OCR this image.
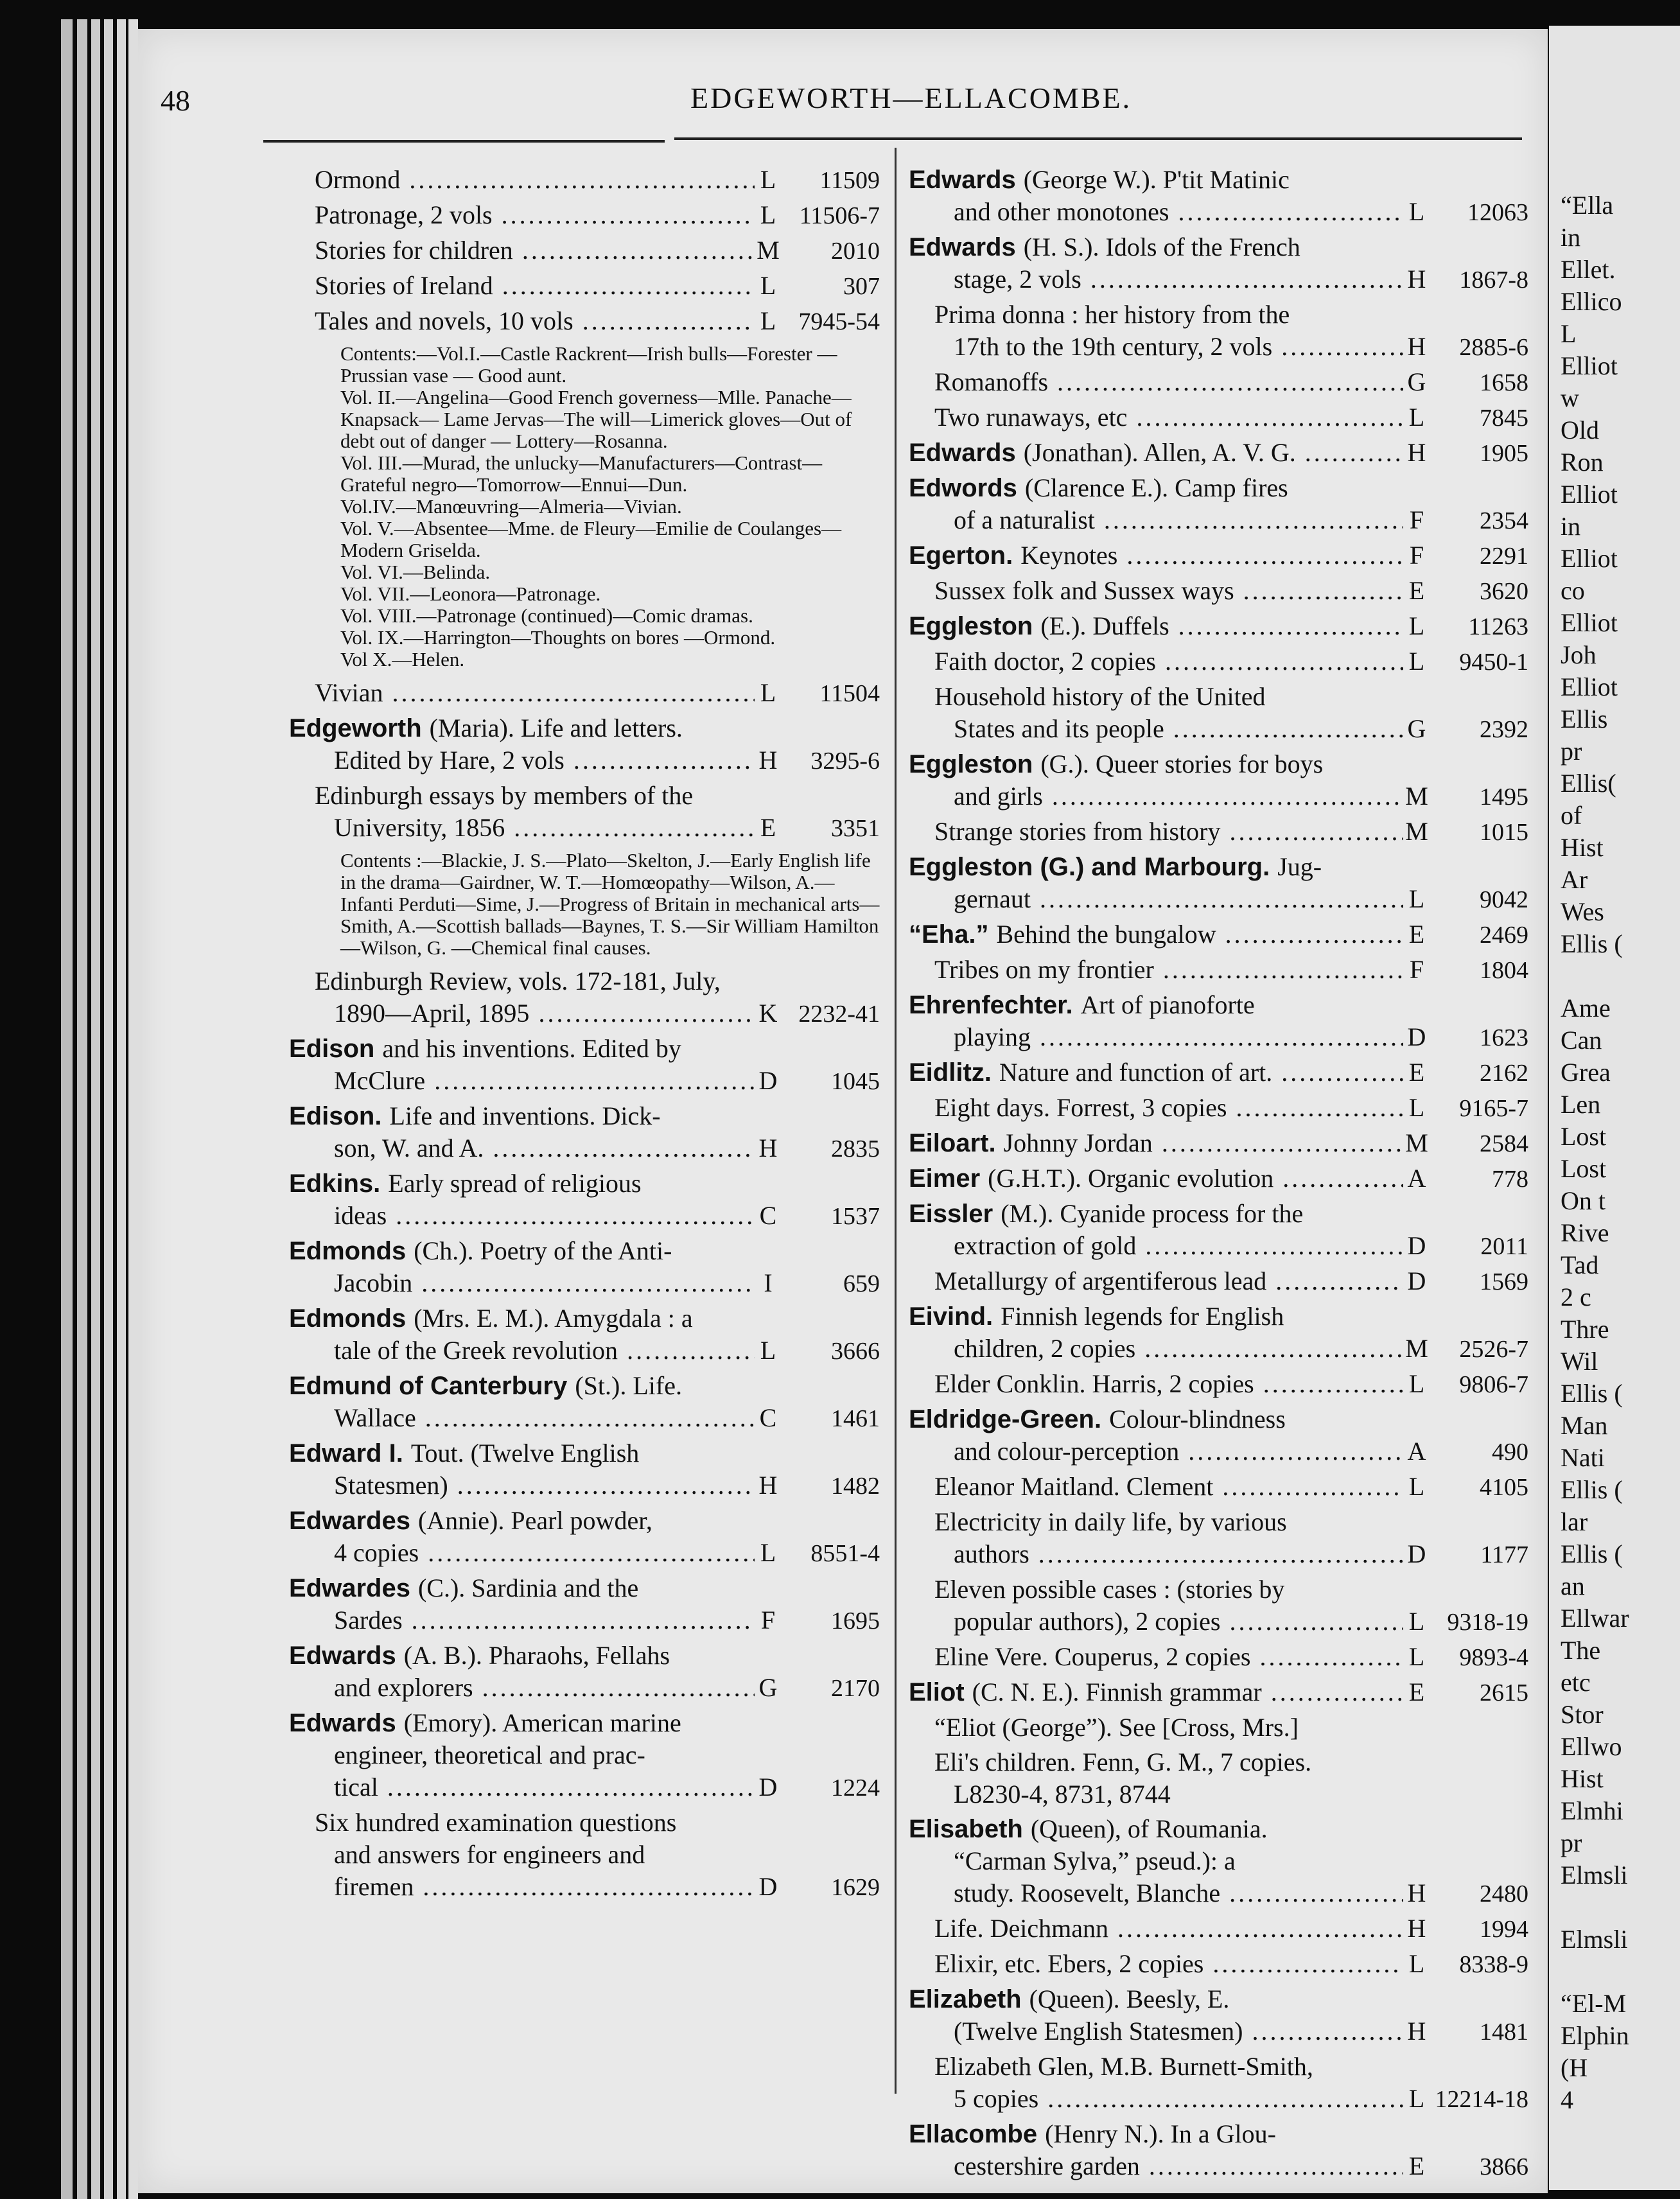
48	EDGEWORTH—ELLACOMBE.
Ormond .....	L	11509
Patronage, 2 vols .....	L 11506-7
Stories for children .....	M	2010
Stories of Ireland .....	L	307
Tales and novels, 10 vols .....	L 7945-54
Contents:—Vol.I.—Castle Rackrent—Irish bulls—Forester — Prussian vase — Good aunt.
Vol. II.—Angelina—Good French governess—Mlle. Panache—Knapsack— Lame Jervas—The will—Limerick gloves—Out of debt out of danger — Lottery—Rosanna.
Vol. III.—Murad, the unlucky—Manufacturers—Contrast—Grateful negro—Tomorrow—Ennui—Dun.
Vol.IV.—Manœuvring—Almeria—Vivian.
Vol. V.—Absentee—Mme. de Fleury—Emilie de Coulanges—Modern Griselda.
Vol. VI.—Belinda.
Vol. VII.—Leonora—Patronage.
Vol. VIII.—Patronage (continued)—Comic dramas.
Vol. IX.—Harrington—Thoughts on bores —Ormond.
Vol X.—Helen.
Vivian .....	L	11504
Edgeworth (Maria). Life and letters.
Edited by Hare, 2 vols .....	H	3295-6
Edinburgh essays by members of the
University, 1856 .....	E	3351
Contents :—Blackie, J. S.—Plato—Skelton, J.—Early English life in the drama—Gairdner, W. T.—Homœopathy—Wilson, A.—Infanti Perduti—Sime, J.—Progress of Britain in mechanical arts—Smith, A.—Scottish ballads—Baynes, T. S.—Sir William Hamilton—Wilson, G. —Chemical final causes.
Edinburgh Review, vols. 172-181, July,
1890—April, 1895 .....	K 2232-41
Edison and his inventions. Edited by
McClure .....	D	1045
Edison. Life and inventions. Dick-
son, W. and A. .....	H	2835
Edkins. Early spread of religious
ideas .....	C	1537
Edmonds (Ch.). Poetry of the Anti-
Jacobin .....	I	659
Edmonds (Mrs. E. M.). Amygdala : a
tale of the Greek revolution .....	L	3666
Edmund of Canterbury (St.). Life.
Wallace .....	C	1461
Edward I. Tout. (Twelve English
Statesmen) .....	H	1482
Edwardes (Annie). Pearl powder,
4 copies .....	L	8551-4
Edwardes (C.). Sardinia and the
Sardes .....	F	1695
Edwards (A. B.). Pharaohs, Fellahs
and explorers .....	G	2170
Edwards (Emory). American marine
engineer, theoretical and prac-
tical .....	D	1224
Six hundred examination questions
and answers for engineers and
firemen .....	D	1629
Edwards (George W.). P'tit Matinic
and other monotones .....	L	12063
Edwards (H. S.). Idols of the French
stage, 2 vols .....	H	1867-8
Prima donna : her history from the
17th to the 19th century, 2 vols .....	H	2885-6
Romanoffs .....	G	1658
Two runaways, etc .....	L	7845
Edwards (Jonathan). Allen, A. V. G. .....	H	1905
Edwords (Clarence E.). Camp fires
of a naturalist .....	F	2354
Egerton. Keynotes .....	F	2291
Sussex folk and Sussex ways .....	E	3620
Eggleston (E.). Duffels .....	L	11263
Faith doctor, 2 copies .....	L	9450-1
Household history of the United
States and its people .....	G	2392
Eggleston (G.). Queer stories for boys
and girls .....	M	1495
Strange stories from history .....	M	1015
Eggleston (G.) and Marbourg. Jug-
gernaut .....	L	9042
“Eha.” Behind the bungalow .....	E	2469
Tribes on my frontier .....	F	1804
Ehrenfechter. Art of pianoforte
playing .....	D	1623
Eidlitz. Nature and function of art. .....	E	2162
Eight days. Forrest, 3 copies .....	L	9165-7
Eiloart. Johnny Jordan .....	M	2584
Eimer (G.H.T.). Organic evolution .....	A	778
Eissler (M.). Cyanide process for the
extraction of gold .....	D	2011
Metallurgy of argentiferous lead .....	D	1569
Eivind. Finnish legends for English
children, 2 copies .....	M	2526-7
Elder Conklin. Harris, 2 copies .....	L	9806-7
Eldridge-Green. Colour-blindness
and colour-perception .....	A	490
Eleanor Maitland. Clement .....	L	4105
Electricity in daily life, by various
authors .....	D	1177
Eleven possible cases : (stories by
popular authors), 2 copies .....	L 9318-19
Eline Vere. Couperus, 2 copies .....	L	9893-4
Eliot (C. N. E.). Finnish grammar .....	E	2615
“Eliot (George”). See [Cross, Mrs.]
Eli's children. Fenn, G. M., 7 copies.
L8230-4, 8731, 8744
Elisabeth (Queen), of Roumania.
“Carman Sylva,” pseud.): a
study. Roosevelt, Blanche .....	H	2480
Life. Deichmann .....	H	1994
Elixir, etc. Ebers, 2 copies .....	L	8338-9
Elizabeth (Queen). Beesly, E.
(Twelve English Statesmen) .....	H	1481
Elizabeth Glen, M.B. Burnett-Smith,
5 copies .....	L 12214-18
Ellacombe (Henry N.). In a Glou-
cestershire garden .....	E	3866
“Ella
in
Ellet.
Ellico
L
Elliot
w
Old
Ron
Elliot
in
Elliot
co
Elliot
Joh
Elliot
Ellis
pr
Ellis(
of
Hist
Ar
Wes
Ellis (
Ame
Can
Grea
Len
Lost
Lost
On t
Rive
Tad
2 c
Thre
Wil
Ellis (
Man
Nati
Ellis (
lar
Ellis (
an
Ellwar
The
etc
Stor
Ellwo
Hist
Elmhi
pr
Elmsli
Elmsli
“El-M
Elphin
(H
4
